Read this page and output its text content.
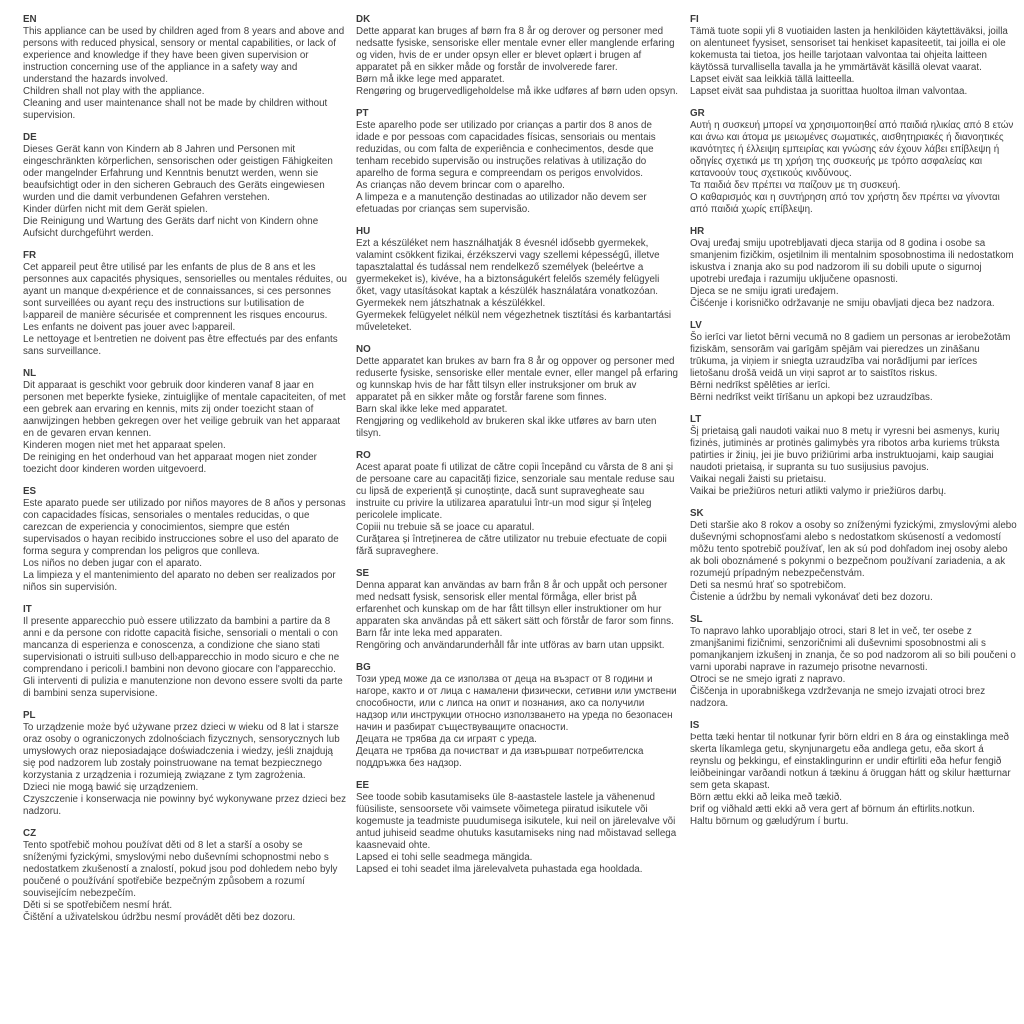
EN
This appliance can be used by children aged from 8 years and above and persons with reduced physical, sensory or mental capabilities, or lack of experience and knowledge if they have been given supervision or instruction concerning use of the appliance in a safety way and understand the hazards involved.
Children shall not play with the appliance.
Cleaning and user maintenance shall not be made by children without supervision.
DE
Dieses Gerät kann von Kindern ab 8 Jahren und Personen mit eingeschränkten körperlichen, sensorischen oder geistigen Fähigkeiten oder mangelnder Erfahrung und Kenntnis benutzt werden, wenn sie beaufsichtigt oder in den sicheren Gebrauch des Geräts eingewiesen wurden und die damit verbundenen Gefahren verstehen.
Kinder dürfen nicht mit dem Gerät spielen.
Die Reinigung und Wartung des Geräts darf nicht von Kindern ohne Aufsicht durchgeführt werden.
FR
Cet appareil peut être utilisé par les enfants de plus de 8 ans et les personnes aux capacités physiques, sensorielles ou mentales réduites, ou ayant un manque d›expérience et de connaissances, si ces personnes sont surveillées ou ayant reçu des instructions sur l›utilisation de l›appareil de manière sécurisée et comprennent les risques encourus.
Les enfants ne doivent pas jouer avec l›appareil.
Le nettoyage et l›entretien ne doivent pas être effectués par des enfants sans surveillance.
NL
Dit apparaat is geschikt voor gebruik door kinderen vanaf 8 jaar en personen met beperkte fysieke, zintuiglijke of mentale capaciteiten, of met een gebrek aan ervaring en kennis, mits zij onder toezicht staan of aanwijzingen hebben gekregen over het veilige gebruik van het apparaat en de gevaren ervan kennen.
Kinderen mogen niet met het apparaat spelen.
De reiniging en het onderhoud van het apparaat mogen niet zonder toezicht door kinderen worden uitgevoerd.
ES
Este aparato puede ser utilizado por niños mayores de 8 años y personas con capacidades físicas, sensoriales o mentales reducidas, o que carezcan de experiencia y conocimientos, siempre que estén supervisados o hayan recibido instrucciones sobre el uso del aparato de forma segura y comprendan los peligros que conlleva.
Los niños no deben jugar con el aparato.
La limpieza y el mantenimiento del aparato no deben ser realizados por niños sin supervisión.
IT
Il presente apparecchio può essere utilizzato da bambini a partire da 8 anni e da persone con ridotte capacità fisiche, sensoriali o mentali o con mancanza di esperienza e conoscenza, a condizione che siano stati supervisionati o istruiti sull›uso dell›apparecchio in modo sicuro e che ne comprendano i pericoli.I bambini non devono giocare con l'apparecchio.
Gli interventi di pulizia e manutenzione non devono essere svolti da parte di bambini senza supervisione.
PL
To urządzenie może być używane przez dzieci w wieku od 8 lat i starsze oraz osoby o ograniczonych zdolnościach fizycznych, sensorycznych lub umysłowych oraz nieposiadające doświadczenia i wiedzy, jeśli znajdują się pod nadzorem lub zostały poinstruowane na temat bezpiecznego korzystania z urządzenia i rozumieją związane z tym zagrożenia.
Dzieci nie mogą bawić się urządzeniem.
Czyszczenie i konserwacja nie powinny być wykonywane przez dzieci bez nadzoru.
CZ
Tento spotřebič mohou používat děti od 8 let a starší a osoby se sníženými fyzickými, smyslovými nebo duševními schopnostmi nebo s nedostatkem zkušeností a znalostí, pokud jsou pod dohledem nebo byly poučené o používání spotřebiče bezpečným způsobem a rozumí souvisejícím nebezpečím.
Děti si se spotřebičem nesmí hrát.
Čištění a uživatelskou údržbu nesmí provádět děti bez dozoru.
DK
Dette apparat kan bruges af børn fra 8 år og derover og personer med nedsatte fysiske, sensoriske eller mentale evner eller manglende erfaring og viden, hvis de er under opsyn eller er blevet oplært i brugen af apparatet på en sikker måde og forstår de involverede farer.
Børn må ikke lege med apparatet.
Rengøring og brugervedligeholdelse må ikke udføres af børn uden opsyn.
PT
Este aparelho pode ser utilizado por crianças a partir dos 8 anos de idade e por pessoas com capacidades físicas, sensoriais ou mentais reduzidas, ou com falta de experiência e conhecimentos, desde que tenham recebido supervisão ou instruções relativas à utilização do aparelho de forma segura e compreendam os perigos envolvidos.
As crianças não devem brincar com o aparelho.
A limpeza e a manutenção destinadas ao utilizador não devem ser efetuadas por crianças sem supervisão.
HU
Ezt a készüléket nem használhatják 8 évesnél idősebb gyermekek, valamint csökkent fizikai, érzékszervi vagy szellemi képességű, illetve tapasztalattal és tudással nem rendelkező személyek (beleértve a gyermekeket is), kivéve, ha a biztonságukért felelős személy felügyeli őket, vagy utasításokat kaptak a készülék használatára vonatkozóan.
Gyermekek nem játszhatnak a készülékkel.
Gyermekek felügyelet nélkül nem végezhetnek tisztítási és karbantartási műveleteket.
NO
Dette apparatet kan brukes av barn fra 8 år og oppover og personer med reduserte fysiske, sensoriske eller mentale evner, eller mangel på erfaring og kunnskap hvis de har fått tilsyn eller instruksjoner om bruk av apparatet på en sikker måte og forstår farene som finnes.
Barn skal ikke leke med apparatet.
Rengjøring og vedlikehold av brukeren skal ikke utføres av barn uten tilsyn.
RO
Acest aparat poate fi utilizat de către copii începând cu vârsta de 8 ani și de persoane care au capacități fizice, senzoriale sau mentale reduse sau cu lipsă de experiență și cunoștințe, dacă sunt supravegheate sau instruite cu privire la utilizarea aparatului într-un mod sigur și înțeleg pericolele implicate.
Copiii nu trebuie să se joace cu aparatul.
Curățarea și întreținerea de către utilizator nu trebuie efectuate de copii fără supraveghere.
SE
Denna apparat kan användas av barn från 8 år och uppåt och personer med nedsatt fysisk, sensorisk eller mental förmåga, eller brist på erfarenhet och kunskap om de har fått tillsyn eller instruktioner om hur apparaten ska användas på ett säkert sätt och förstår de faror som finns.
Barn får inte leka med apparaten.
Rengöring och användarunderhåll får inte utföras av barn utan uppsikt.
BG
Този уред може да се използва от деца на възраст от 8 години и нагоре, както и от лица с намалени физически, сетивни или умствени способности, или с липса на опит и познания, ако са получили надзор или инструкции относно използването на уреда по безопасен начин и разбират съществуващите опасности.
Децата не трябва да си играят с уреда.
Децата не трябва да почистват и да извършват потребителска поддръжка без надзор.
EE
See toode sobib kasutamiseks üle 8-aastastele lastele ja vähenenud füüsiliste, sensoorsete või vaimsete võimetega piiratud isikutele või kogemuste ja teadmiste puudumisega isikutele, kui neil on järelevalve või antud juhiseid seadme ohutuks kasutamiseks ning nad mõistavad sellega kaasnevaid ohte.
Lapsed ei tohi selle seadmega mängida.
Lapsed ei tohi seadet ilma järelevalveta puhastada ega hooldada.
FI
Tämä tuote sopii yli 8 vuotiaiden lasten ja henkilöiden käytettäväksi, joilla on alentuneet fyysiset, sensoriset tai henkiset kapasiteetit, tai joilla ei ole kokemusta tai tietoa, jos heille tarjotaan valvontaa tai ohjeita laitteen käytössä turvallisella tavalla ja he ymmärtävät käsillä olevat vaarat.
Lapset eivät saa leikkiä tällä laitteella.
Lapset eivät saa puhdistaa ja suorittaa huoltoa ilman valvontaa.
GR
Αυτή η συσκευή μπορεί να χρησιμοποιηθεί από παιδιά ηλικίας από 8 ετών και άνω και άτομα με μειωμένες σωματικές, αισθητηριακές ή διανοητικές ικανότητες ή έλλειψη εμπειρίας και γνώσης εάν έχουν λάβει επίβλεψη ή οδηγίες σχετικά με τη χρήση της συσκευής με τρόπο ασφαλείας και κατανοούν τους σχετικούς κινδύνους.
Τα παιδιά δεν πρέπει να παίζουν με τη συσκευή.
Ο καθαρισμός και η συντήρηση από τον χρήστη δεν πρέπει να γίνονται από παιδιά χωρίς επίβλεψη.
HR
Ovaj uređaj smiju upotrebljavati djeca starija od 8 godina i osobe sa smanjenim fizičkim, osjetilnim ili mentalnim sposobnostima ili nedostatkom iskustva i znanja ako su pod nadzorom ili su dobili upute o sigurnoj upotrebi uređaja i razumiju uključene opasnosti.
Djeca se ne smiju igrati uređajem.
Čišćenje i korisničko održavanje ne smiju obavljati djeca bez nadzora.
LV
Šo ierīci var lietot bērni vecumā no 8 gadiem un personas ar ierobežotām fiziskām, sensorām vai garīgām spējām vai pieredzes un zināšanu trūkuma, ja viņiem ir sniegta uzraudzība vai norādījumi par ierīces lietošanu drošā veidā un viņi saprot ar to saistītos riskus.
Bērni nedrīkst spēlēties ar ierīci.
Bērni nedrīkst veikt tīrīšanu un apkopi bez uzraudzības.
LT
Šį prietaisą gali naudoti vaikai nuo 8 metų ir vyresni bei asmenys, kurių fizinės, jutiminės ar protinės galimybės yra ribotos arba kuriems trūksta patirties ir žinių, jei jie buvo prižiūrimi arba instruktuojami, kaip saugiai naudoti prietaisą, ir supranta su tuo susijusius pavojus.
Vaikai negali žaisti su prietaisu.
Vaikai be priežiūros neturi atlikti valymo ir priežiūros darbų.
SK
Deti staršie ako 8 rokov a osoby so zníženými fyzickými, zmyslovými alebo duševnými schopnosťami alebo s nedostatkom skúseností a vedomostí môžu tento spotrebič používať, len ak sú pod dohľadom inej osoby alebo ak boli oboznámené s pokynmi o bezpečnom používaní zariadenia, a ak rozumejú prípadným nebezpečenstvám.
Deti sa nesmú hrať so spotrebičom.
Čistenie a údržbu by nemali vykonávať deti bez dozoru.
SL
To napravo lahko uporabljajo otroci, stari 8 let in več, ter osebe z zmanjšanimi fizičnimi, senzoričnimi ali duševnimi sposobnostmi ali s pomanjkanjem izkušenj in znanja, če so pod nadzorom ali so bili poučeni o varni uporabi naprave in razumejo prisotne nevarnosti.
Otroci se ne smejo igrati z napravo.
Čiščenja in uporabniškega vzdrževanja ne smejo izvajati otroci brez nadzora.
IS
Þetta tæki hentar til notkunar fyrir börn eldri en 8 ára og einstaklinga með skerta líkamlega getu, skynjunargetu eða andlega getu, eða skort á reynslu og þekkingu, ef einstaklingurinn er undir eftirliti eða hefur fengið leiðbeiningar varðandi notkun á tækinu á öruggan hátt og skilur hætturnar sem geta skapast.
Börn ættu ekki að leika með tækið.
Þrif og viðhald ætti ekki að vera gert af börnum án eftirlits.notkun.
Haltu börnum og gæludýrum í burtu.
